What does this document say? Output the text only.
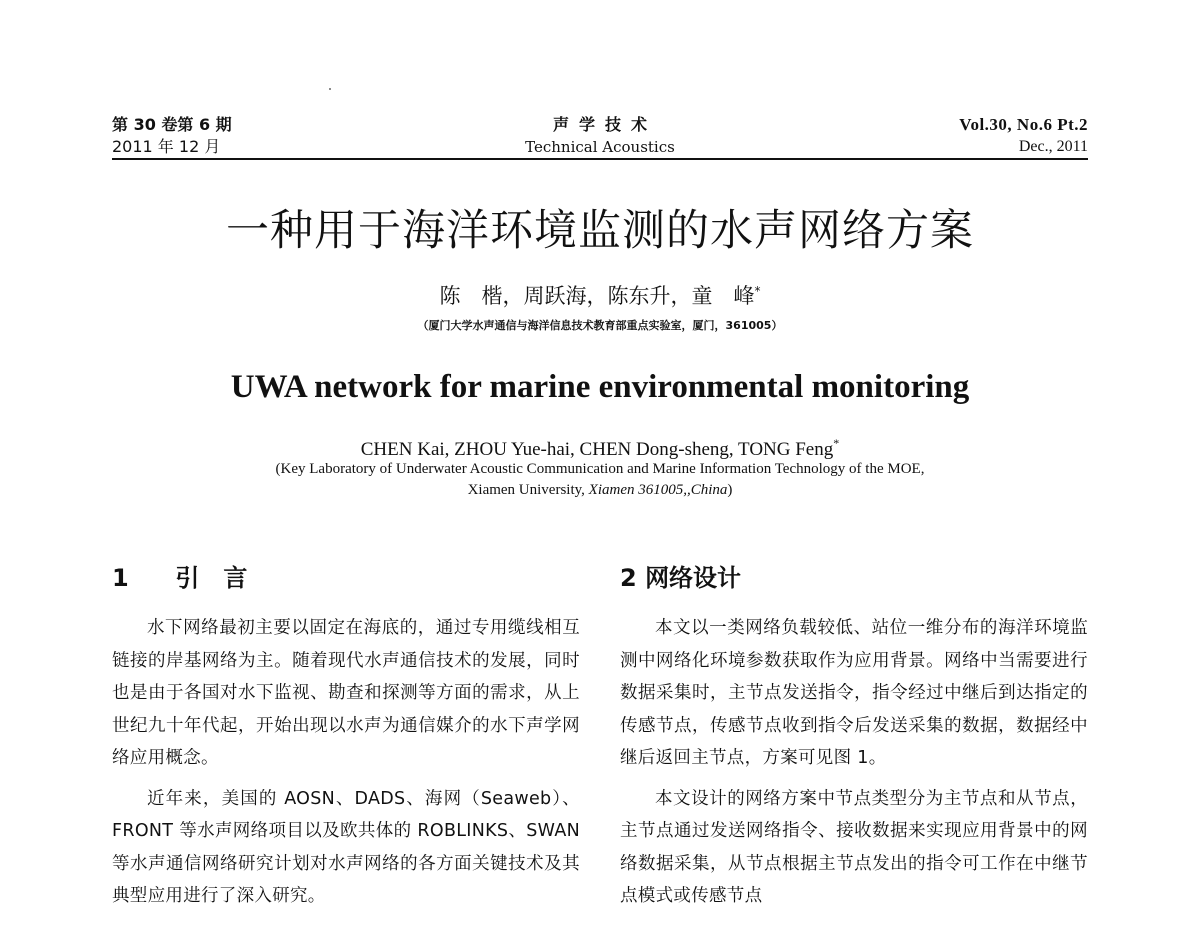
第 30 卷第 6 期
2011 年 12 月
声学技术
Technical Acoustics
Vol.30, No.6 Pt.2
Dec., 2011
一种用于海洋环境监测的水声网络方案
陈　楷，周跃海，陈东升，童　峰*
（厦门大学水声通信与海洋信息技术教育部重点实验室，厦门，361005）
UWA network for marine environmental monitoring
CHEN Kai, ZHOU Yue-hai, CHEN Dong-sheng, TONG Feng*
(Key Laboratory of Underwater Acoustic Communication and Marine Information Technology of the MOE,
Xiamen University, Xiamen 361005,,China)
1 引　言

水下网络最初主要以固定在海底的，通过专用缆线相互链接的岸基网络为主。随着现代水声通信技术的发展，同时也是由于各国对水下监视、勘查和探测等方面的需求，从上世纪九十年代起，开始出现以水声为通信媒介的水下声学网络应用概念。

近年来，美国的 AOSN、DADS、海网（Seaweb）、FRONT 等水声网络项目以及欧共体的 ROBLINKS、SWAN 等水声通信网络研究计划对水声网络的各方面关键技术及其典型应用进行了深入研究。

2 网络设计

本文以一类网络负载较低、站位一维分布的海洋环境监测中网络化环境参数获取作为应用背景。网络中当需要进行数据采集时，主节点发送指令，指令经过中继后到达指定的传感节点，传感节点收到指令后发送采集的数据，数据经中继后返回主节点，方案可见图 1。

本文设计的网络方案中节点类型分为主节点和从节点，主节点通过发送网络指令、接收数据来实现应用背景中的网络数据采集，从节点根据主节点发出的指令可工作在中继节点模式或传感节点
